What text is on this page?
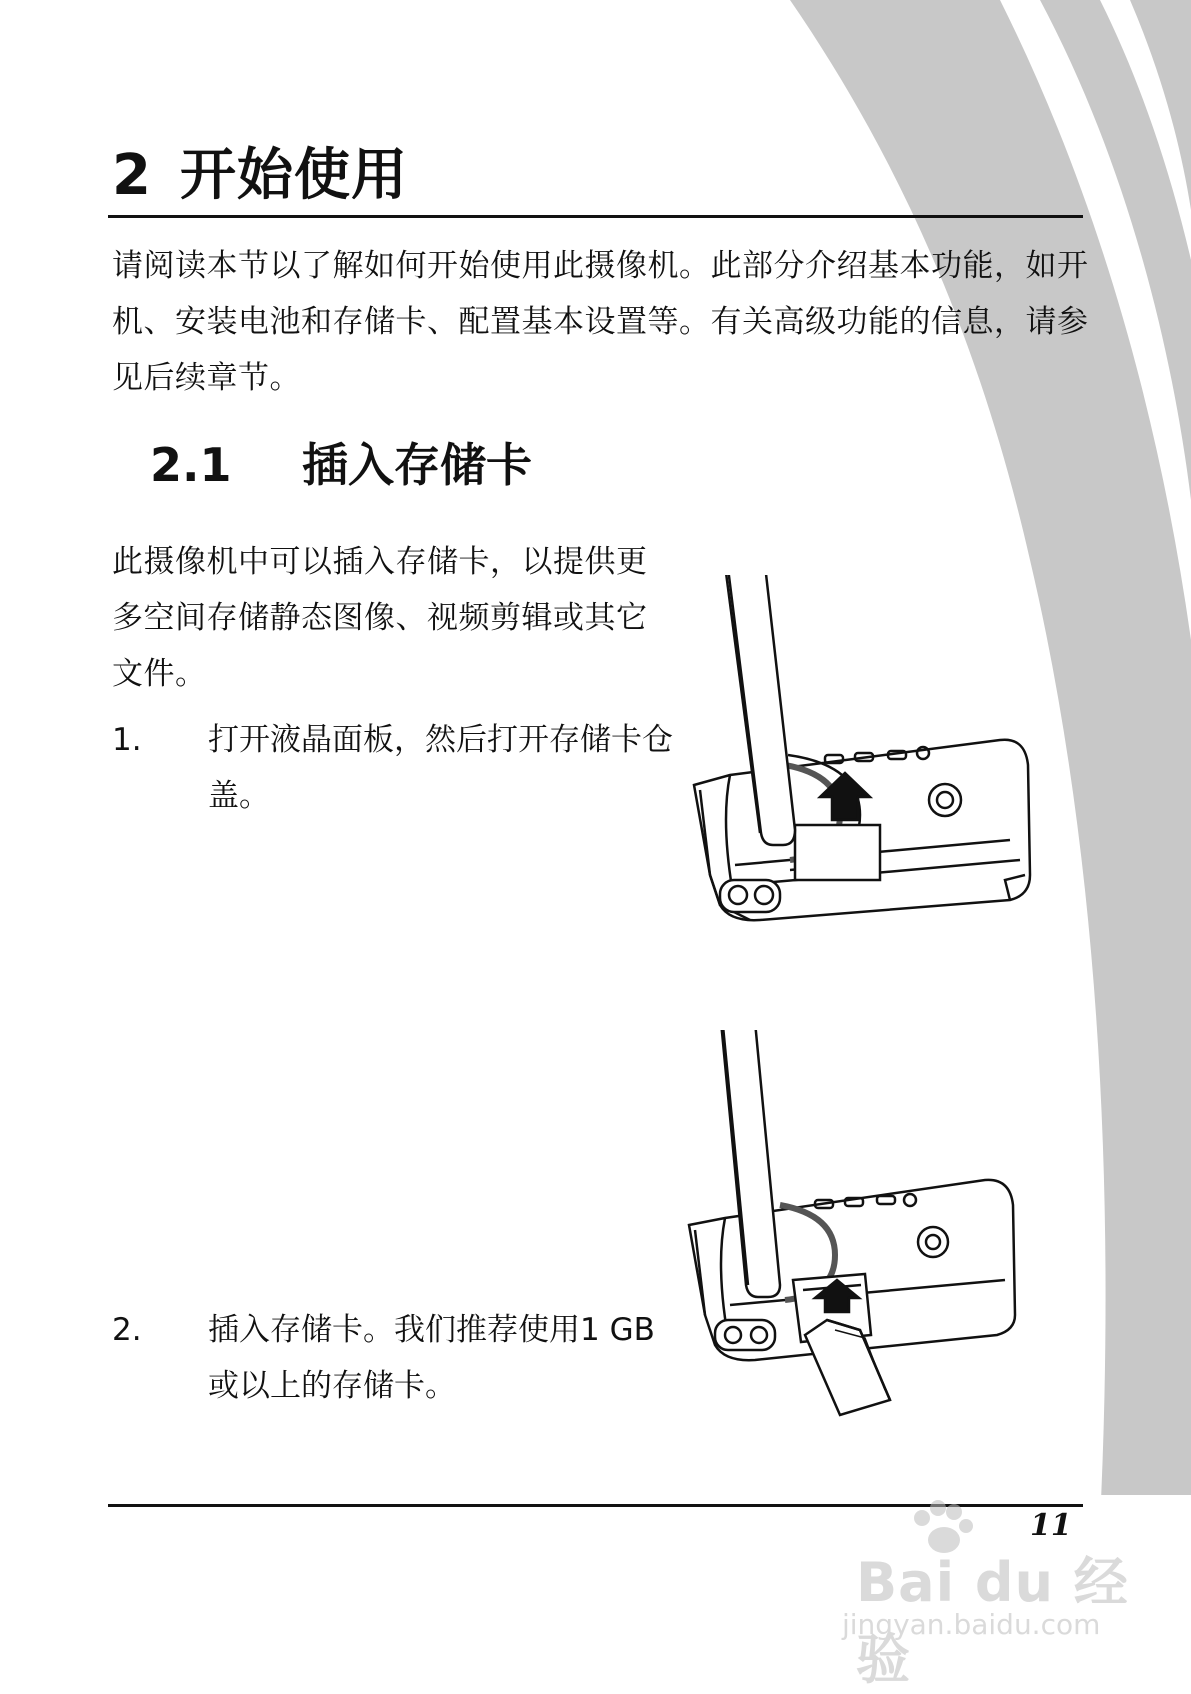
2 开始使用

请阅读本节以了解如何开始使用此摄像机。此部分介绍基本功能，如开机、安装电池和存储卡、配置基本设置等。有关高级功能的信息，请参见后续章节。

2.1 插入存储卡

此摄像机中可以插入存储卡，以提供更多空间存储静态图像、视频剪辑或其它文件。

1. 打开液晶面板，然后打开存储卡仓盖。
2. 插入存储卡。我们推荐使用1 GB或以上的存储卡。
11
Bai du 经验
jingyan.baidu.com
